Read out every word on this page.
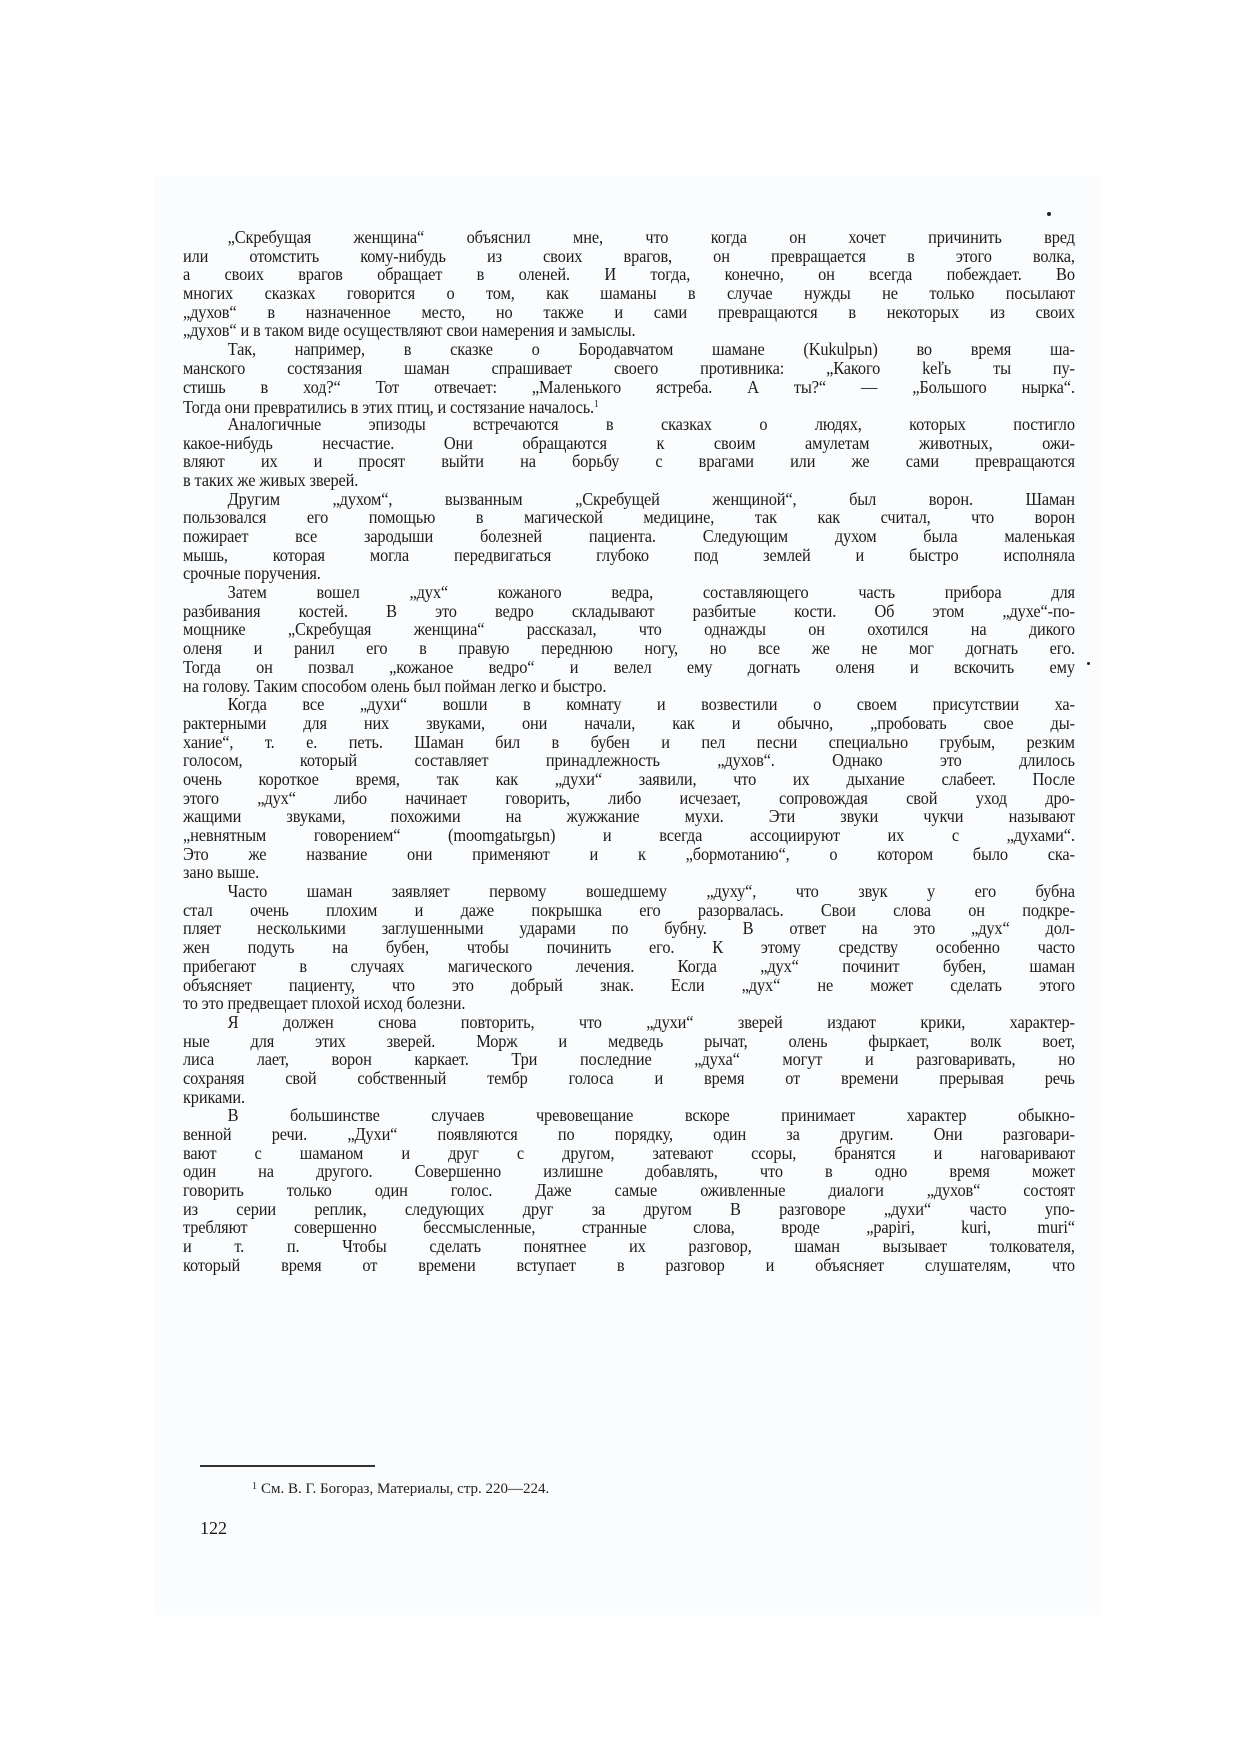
„Скребущая женщина“ объяснил мне, что когда он хочет причинить вред
или отомстить кому-нибудь из своих врагов, он превращается в этого волка,
а своих врагов обращает в оленей. И тогда, конечно, он всегда побеждает. Во
многих сказках говорится о том, как шаманы в случае нужды не только посылают
„духов“ в назначенное место, но также и сами превращаются в некоторых из своих
„духов“ и в таком виде осуществляют свои намерения и замыслы.
Так, например, в сказке о Бородавчатом шамане (Kukulpьn) во время ша-
манского состязания шаман спрашивает своего противника: „Какого keľь ты пу-
стишь в ход?“ Тот отвечает: „Маленького ястреба. А ты?“ — „Большого нырка“.
Тогда они превратились в этих птиц, и состязание началось.$^1$
Аналогичные эпизоды встречаются в сказках о людях, которых постигло
какое-нибудь несчастие. Они обращаются к своим амулетам животных, ожи-
вляют их и просят выйти на борьбу с врагами или же сами превращаются
в таких же живых зверей.
Другим „духом“, вызванным „Скребущей женщиной“, был ворон. Шаман
пользовался его помощью в магической медицине, так как считал, что ворон
пожирает все зародыши болезней пациента. Следующим духом была маленькая
мышь, которая могла передвигаться глубоко под землей и быстро исполняла
срочные поручения.
Затем вошел „дух“ кожаного ведра, составляющего часть прибора для
разбивания костей. В это ведро складывают разбитые кости. Об этом „духе“-по-
мощнике „Скребущая женщина“ рассказал, что однажды он охотился на дикого
оленя и ранил его в правую переднюю ногу, но все же не мог догнать его.
Тогда он позвал „кожаное ведро“ и велел ему догнать оленя и вскочить ему
на голову. Таким способом олень был пойман легко и быстро.
Когда все „духи“ вошли в комнату и возвестили о своем присутствии ха-
рактерными для них звуками, они начали, как и обычно, „пробовать свое ды-
хание“, т. е. петь. Шаман бил в бубен и пел песни специально грубым, резким
голосом, который составляет принадлежность „духов“. Однако это длилось
очень короткое время, так как „духи“ заявили, что их дыхание слабеет. После
этого „дух“ либо начинает говорить, либо исчезает, сопровождая свой уход дро-
жащими звуками, похожими на жужжание мухи. Эти звуки чукчи называют
„невнятным говорением“ (moomgatьrgьn) и всегда ассоциируют их с „духами“.
Это же название они применяют и к „бормотанию“, о котором было ска-
зано выше.
Часто шаман заявляет первому вошедшему „духу“, что звук у его бубна
стал очень плохим и даже покрышка его разорвалась. Свои слова он подкре-
пляет несколькими заглушенными ударами по бубну. В ответ на это „дух“ дол-
жен подуть на бубен, чтобы починить его. К этому средству особенно часто
прибегают в случаях магического лечения. Когда „дух“ починит бубен, шаман
объясняет пациенту, что это добрый знак. Если „дух“ не может сделать этого
то это предвещает плохой исход болезни.
Я должен снова повторить, что „духи“ зверей издают крики, характер-
ные для этих зверей. Морж и медведь рычат, олень фыркает, волк воет,
лиса лает, ворон каркает. Три последние „духа“ могут и разговаривать, но
сохраняя свой собственный тембр голоса и время от времени прерывая речь
криками.
В большинстве случаев чревовещание вскоре принимает характер обыкно-
венной речи. „Духи“ появляются по порядку, один за другим. Они разговари-
вают с шаманом и друг с другом, затевают ссоры, бранятся и наговаривают
один на другого. Совершенно излишне добавлять, что в одно время может
говорить только один голос. Даже самые оживленные диалоги „духов“ состоят
из серии реплик, следующих друг за другом В разговоре „духи“ часто упо-
требляют совершенно бессмысленные, странные слова, вроде „papiri, kuri, muri“
и т. п. Чтобы сделать понятнее их разговор, шаман вызывает толкователя,
который время от времени вступает в разговор и объясняет слушателям, что
$^1$ См. В. Г. Богораз, Материалы, стр. 220—224.
122
